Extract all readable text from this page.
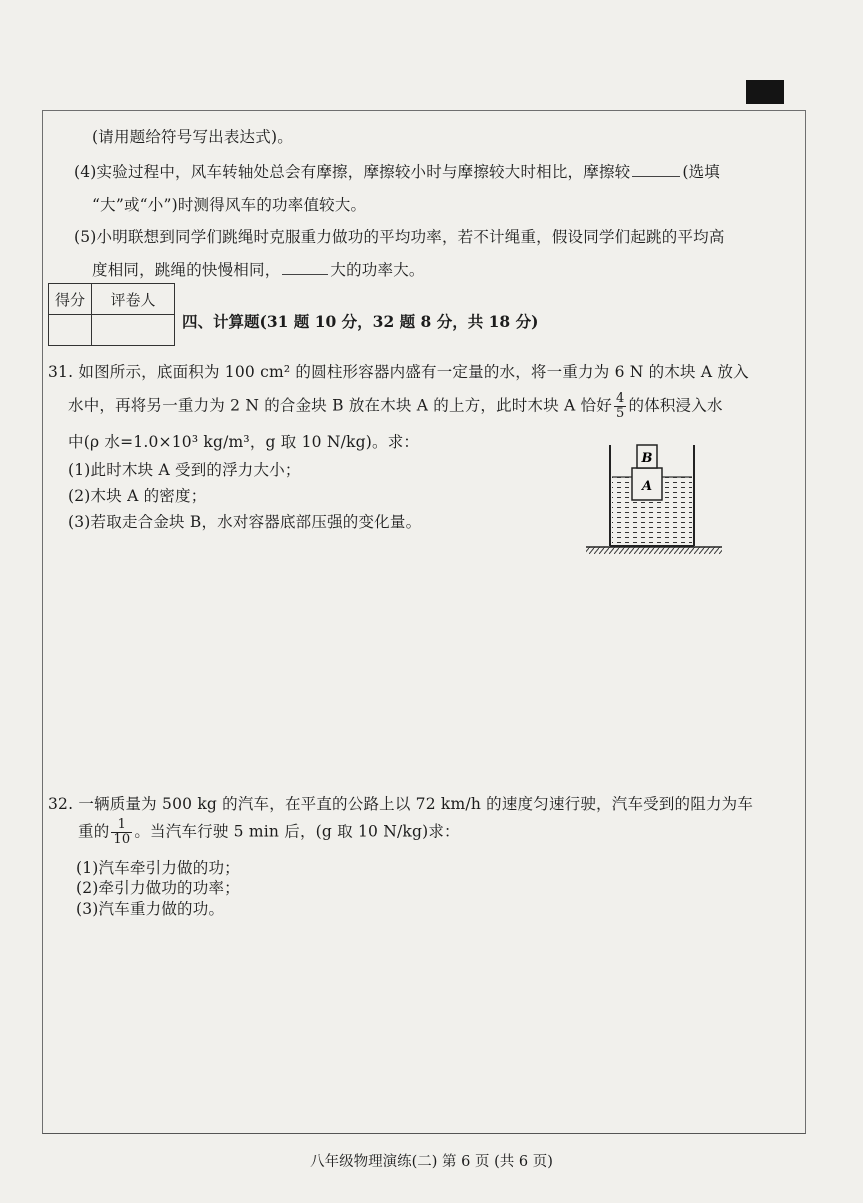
(请用题给符号写出表达式)。
(4)实验过程中，风车转轴处总会有摩擦，摩擦较小时与摩擦较大时相比，摩擦较	(选填
“大”或“小”)时测得风车的功率值较大。
(5)小明联想到同学们跳绳时克服重力做功的平均功率，若不计绳重，假设同学们起跳的平均高
度相同，跳绳的快慢相同，	大的功率大。
得分	评卷人

四、计算题(31 题 10 分，32 题 8 分，共 18 分)
31. 如图所示，底面积为 100 cm² 的圆柱形容器内盛有一定量的水，将一重力为 6 N 的木块 A 放入
水中，再将另一重力为 2 N 的合金块 B 放在木块 A 的上方，此时木块 A 恰好 $\frac{4}{5}$ 的体积浸入水
中(ρ 水=1.0×10³ kg/m³，g 取 10 N/kg)。求：
(1)此时木块 A 受到的浮力大小；
(2)木块 A 的密度；
(3)若取走合金块 B，水对容器底部压强的变化量。
B
A
32. 一辆质量为 500 kg 的汽车，在平直的公路上以 72 km/h 的速度匀速行驶，汽车受到的阻力为车
重的 $\frac{1}{10}$ 。当汽车行驶 5 min 后，(g 取 10 N/kg)求：
(1)汽车牵引力做的功；
(2)牵引力做功的功率；
(3)汽车重力做的功。
八年级物理演练(二) 第 6 页 (共 6 页)
